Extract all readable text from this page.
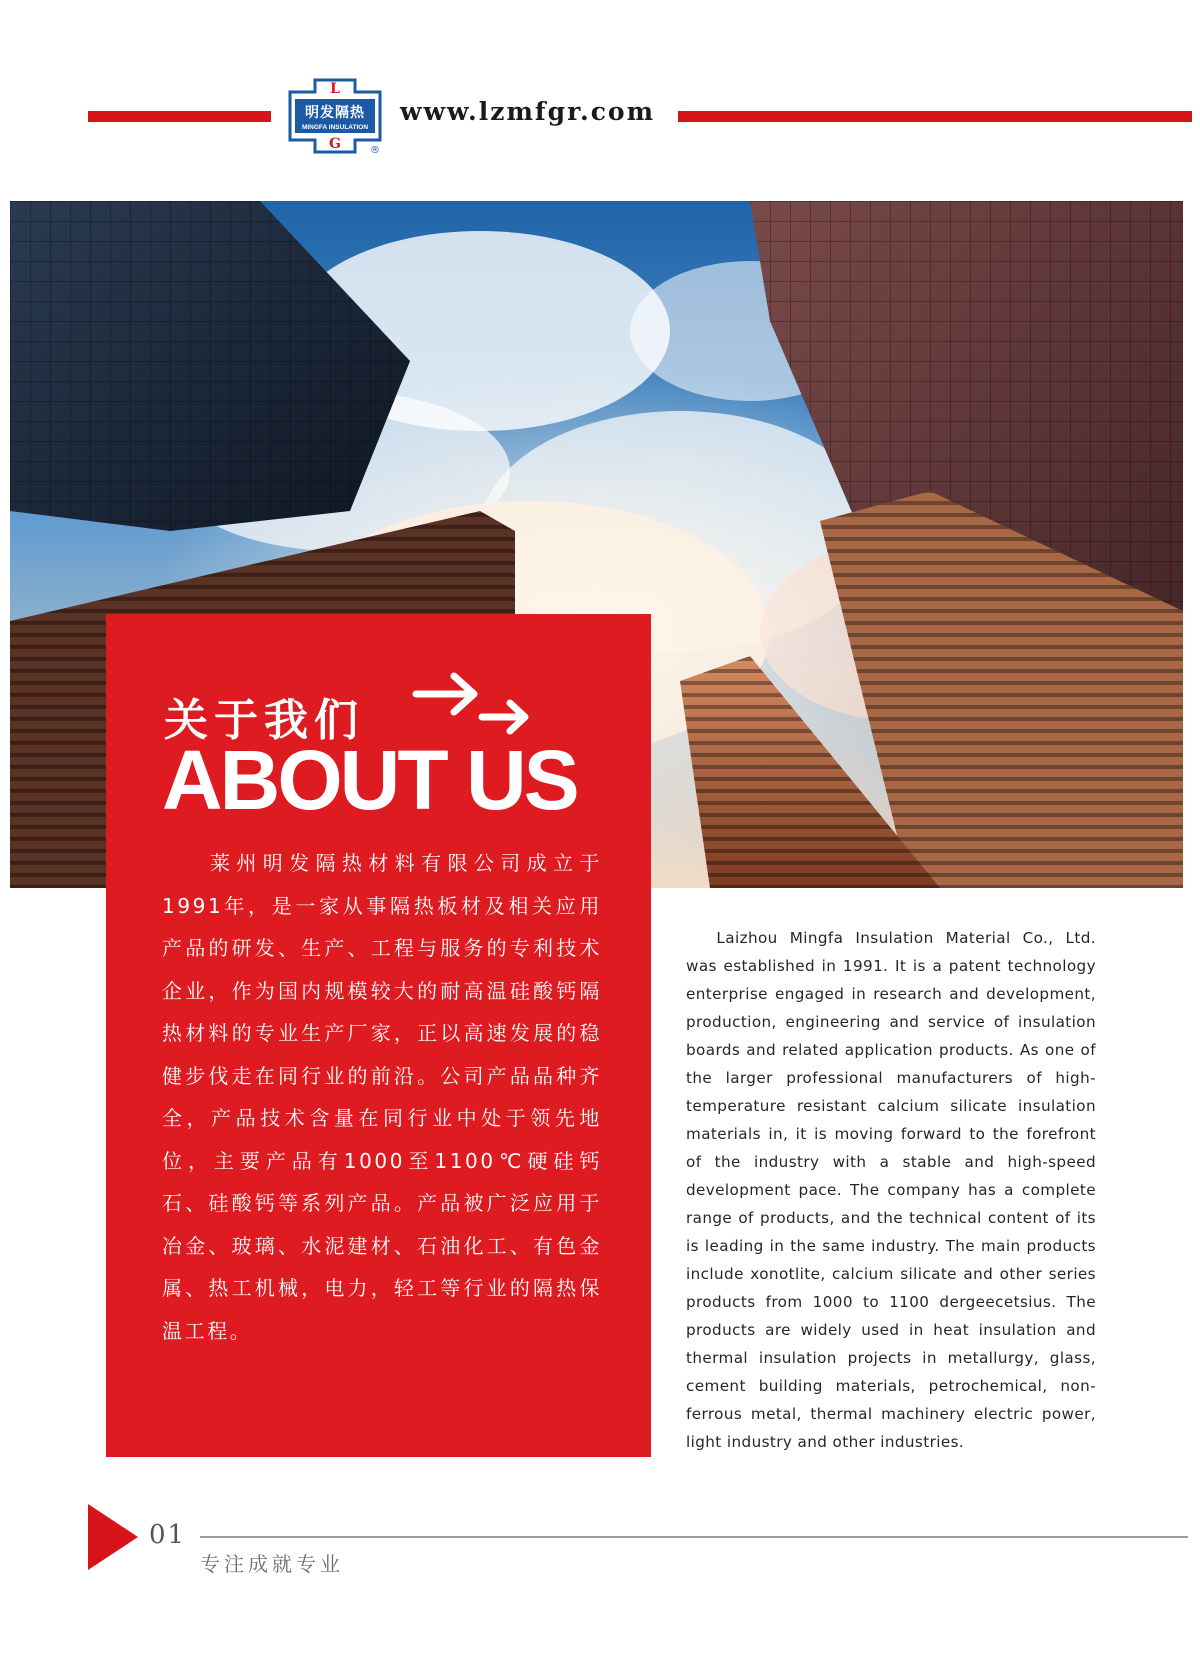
L
明发隔热
MINGFA INSULATION
G	®
www.lzmfgr.com
关于我们
ABOUT US

莱州明发隔热材料有限公司成立于1991年，是一家从事隔热板材及相关应用产品的研发、生产、工程与服务的专利技术企业，作为国内规模较大的耐高温硅酸钙隔热材料的专业生产厂家，正以高速发展的稳健步伐走在同行业的前沿。公司产品品种齐全，产品技术含量在同行业中处于领先地位，主要产品有1000至1100℃硬硅钙石、硅酸钙等系列产品。产品被广泛应用于冶金、玻璃、水泥建材、石油化工、有色金属、热工机械，电力，轻工等行业的隔热保温工程。

Laizhou Mingfa Insulation Material Co., Ltd. was established in 1991. It is a patent technology enterprise engaged in research and development, production, engineering and service of insulation boards and related application products. As one of the larger professional manufacturers of high-temperature resistant calcium silicate insulation materials in, it is moving forward to the forefront of the industry with a stable and high-speed development pace. The company has a complete range of products, and the technical content of its is leading in the same industry. The main products include xonotlite, calcium silicate and other series products from 1000 to 1100 dergeecetsius. The products are widely used in heat insulation and thermal insulation projects in metallurgy, glass, cement building materials, petrochemical, non-ferrous metal, thermal machinery electric power, light industry and other industries.

01
专注成就专业
